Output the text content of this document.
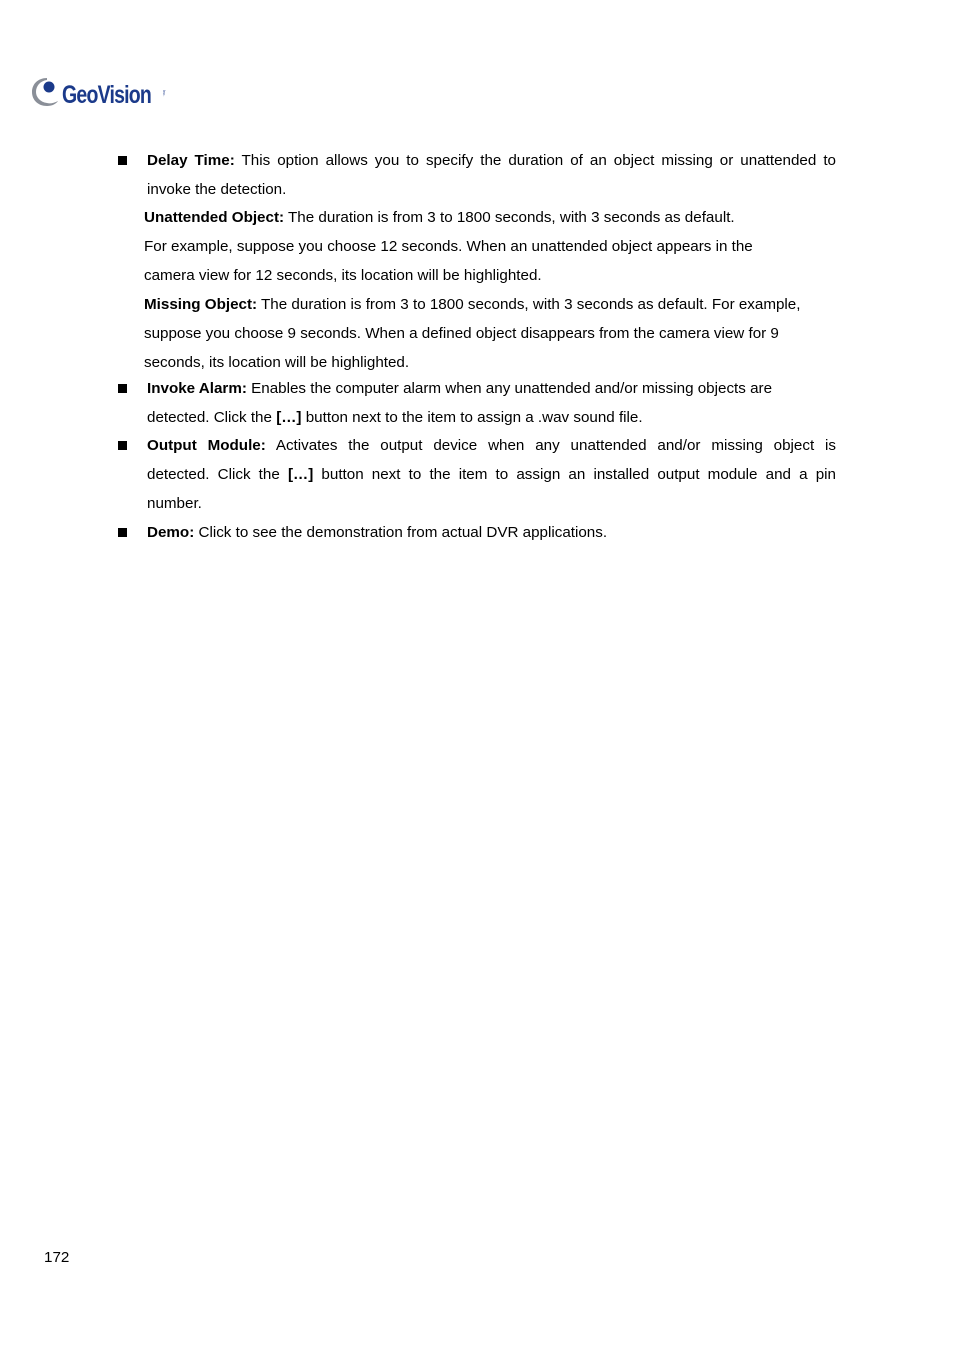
GeoVision	Inc.
Delay Time: This option allows you to specify the duration of an object missing or unattended to
invoke the detection.
Unattended Object: The duration is from 3 to 1800 seconds, with 3 seconds as default.
For example, suppose you choose 12 seconds. When an unattended object appears in the
camera view for 12 seconds, its location will be highlighted.
Missing Object: The duration is from 3 to 1800 seconds, with 3 seconds as default. For example,
suppose you choose 9 seconds. When a defined object disappears from the camera view for 9
seconds, its location will be highlighted.
Invoke Alarm: Enables the computer alarm when any unattended and/or missing objects are
detected. Click the […] button next to the item to assign a .wav sound file.
Output Module: Activates the output device when any unattended and/or missing object is
detected. Click the […] button next to the item to assign an installed output module and a pin
number.
Demo: Click to see the demonstration from actual DVR applications.
172
